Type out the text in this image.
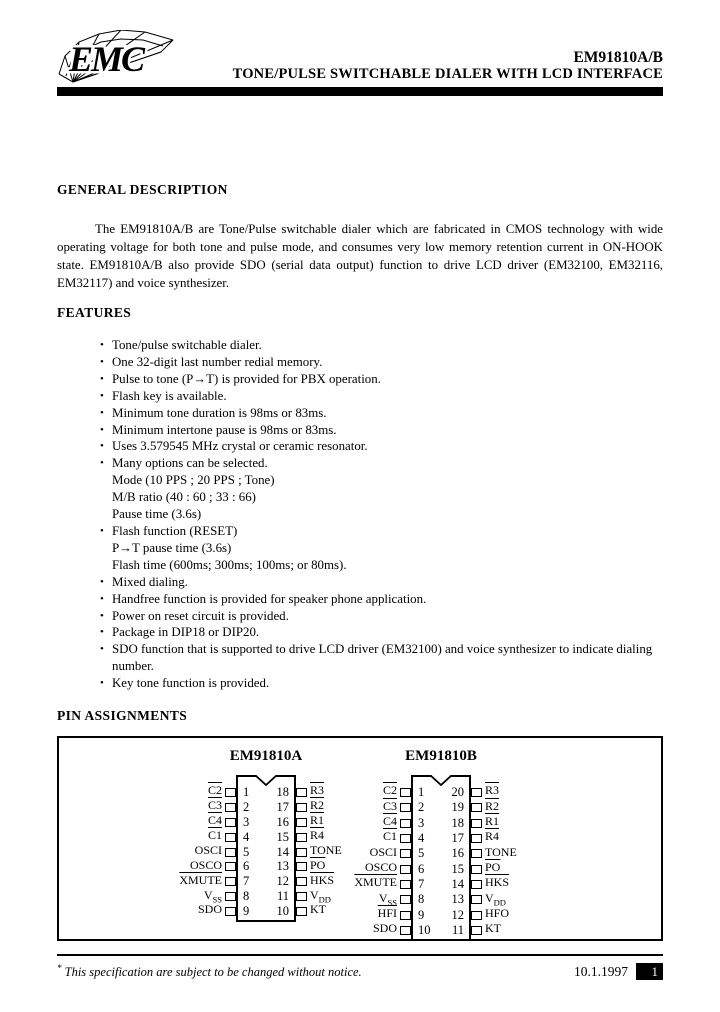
EMC	EM91810A/B
TONE/PULSE SWITCHABLE DIALER WITH LCD INTERFACE
GENERAL DESCRIPTION

The EM91810A/B are Tone/Pulse switchable dialer which are fabricated in CMOS technology with wide operating voltage for both tone and pulse mode, and consumes very low memory retention current in ON-HOOK state. EM91810A/B also provide SDO (serial data output) function to drive LCD driver (EM32100, EM32116, EM32117) and voice synthesizer.

FEATURES
• Tone/pulse switchable dialer.
• One 32-digit last number redial memory.
• Pulse to tone (P→T) is provided for PBX operation.
• Flash key is available.
• Minimum tone duration is 98ms or 83ms.
• Minimum intertone pause is 98ms or 83ms.
• Uses 3.579545 MHz crystal or ceramic resonator.
• Many options can be selected.
Mode (10 PPS ; 20 PPS ; Tone)
M/B ratio (40 : 60 ; 33 : 66)
Pause time (3.6s)
• Flash function (RESET)
P→T pause time (3.6s)
Flash time (600ms; 300ms; 100ms; or 80ms).
• Mixed dialing.
• Handfree function is provided for speaker phone application.
• Power on reset circuit is provided.
• Package in DIP18 or DIP20.
• SDO function that is supported to drive LCD driver (EM32100) and voice synthesizer to indicate dialing number.
• Key tone function is provided.
PIN ASSIGNMENTS
EM91810A
C2	1	18	R3
C3	2	17	R2
C4	3	16	R1
C1	4	15	R4
OSCI	5	14	TONE
OSCO	6	13	$\overline{PO}$
XMUTE	7	12	$\overline{HKS}$
$V_{SS}$	8	11	$V_{DD}$
SDO	9	10	KT
EM91810B
C2	1	20	R3
C3	2	19	R2
C4	3	18	R1
C1	4	17	R4
OSCI	5	16	TONE
OSCO	6	15	$\overline{PO}$
XMUTE	7	14	$\overline{HKS}$
$V_{SS}$	8	13	$V_{DD}$
$\overline{HFI}$	9	12	HFO
SDO	10	11	KT
* This specification are subject to be changed without notice.	10.1.1997	1
